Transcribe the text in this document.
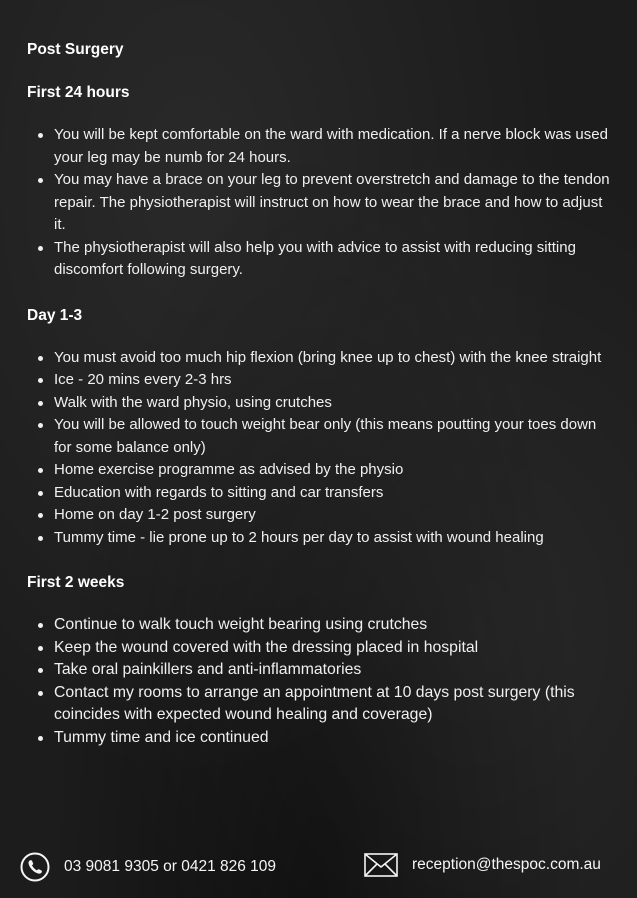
Post Surgery
First 24 hours
You will be kept comfortable on the ward with medication. If a nerve block was used your leg may be numb for 24 hours.
You may have a brace on your leg to prevent overstretch and damage to the tendon repair. The physiotherapist will instruct on how to wear the brace and how to adjust it.
The physiotherapist will also help you with advice to assist with reducing sitting discomfort following surgery.
Day 1-3
You must avoid too much hip flexion (bring knee up to chest) with the knee straight
Ice - 20 mins every 2-3 hrs
Walk with the ward physio, using crutches
You will be allowed to touch weight bear only (this means poutting your toes down for some balance only)
Home exercise programme as advised by the physio
Education with regards to sitting and car transfers
Home on day 1-2 post surgery
Tummy time - lie prone up to 2 hours per day to assist with wound healing
First 2 weeks
Continue to walk touch weight bearing using crutches
Keep the wound covered with the dressing placed in hospital
Take oral painkillers and anti-inflammatories
Contact my rooms to arrange an appointment at 10 days post surgery (this coincides with expected wound healing and coverage)
Tummy time and ice continued
03 9081 9305 or 0421 826 109	reception@thespoc.com.au
